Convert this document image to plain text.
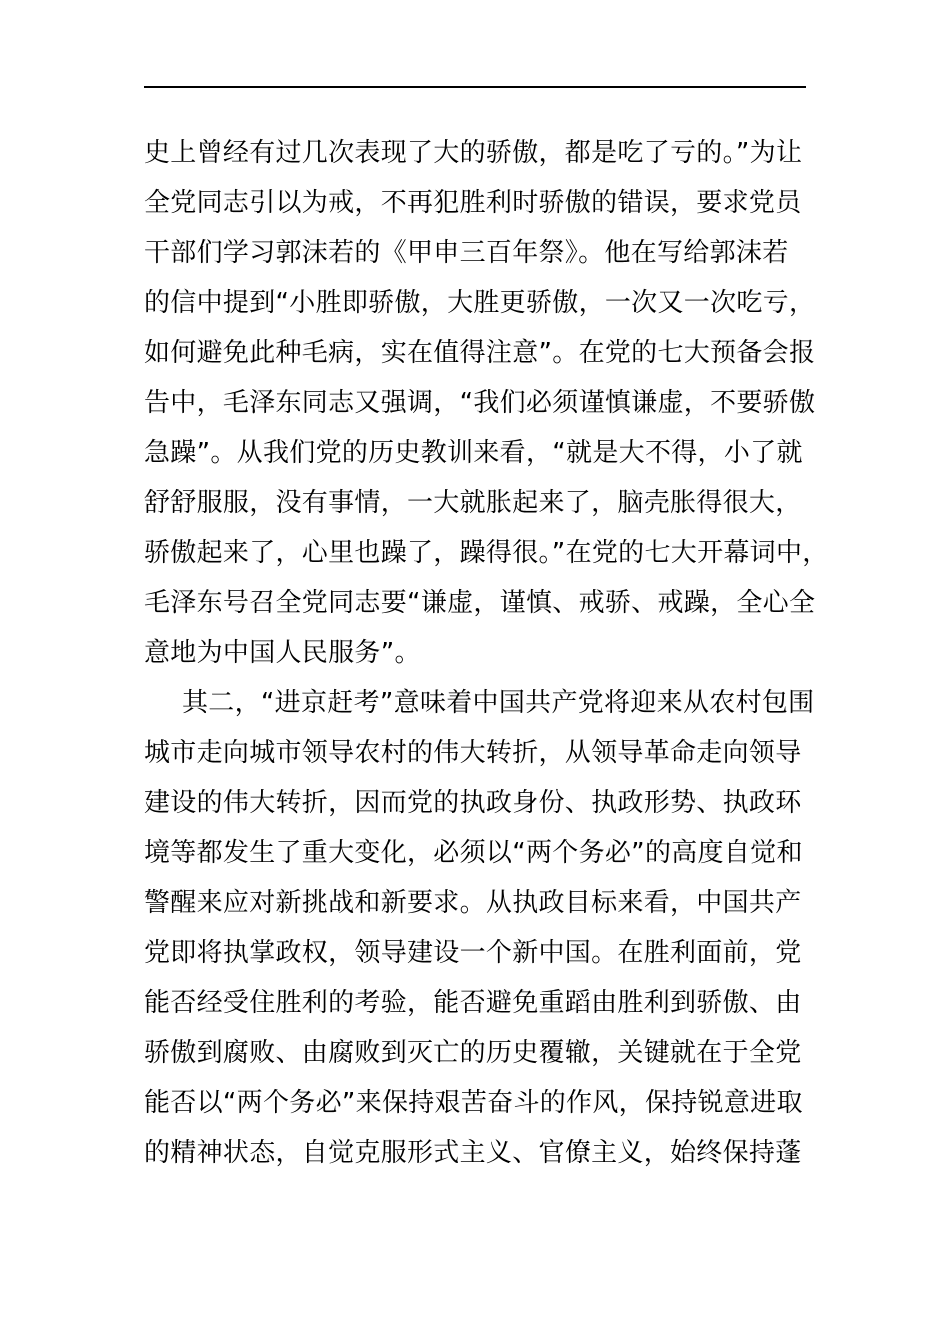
史上曾经有过几次表现了大的骄傲，都是吃了亏的。”为让
全党同志引以为戒，不再犯胜利时骄傲的错误，要求党员
干部们学习郭沫若的《甲申三百年祭》。他在写给郭沫若
的信中提到“小胜即骄傲，大胜更骄傲，一次又一次吃亏，
如何避免此种毛病，实在值得注意”。在党的七大预备会报
告中，毛泽东同志又强调，“我们必须谨慎谦虚，不要骄傲
急躁”。从我们党的历史教训来看，“就是大不得，小了就
舒舒服服，没有事情，一大就胀起来了，脑壳胀得很大，
骄傲起来了，心里也躁了，躁得很。”在党的七大开幕词中，
毛泽东号召全党同志要“谦虚，谨慎、戒骄、戒躁，全心全
意地为中国人民服务”。
其二，“进京赶考”意味着中国共产党将迎来从农村包围
城市走向城市领导农村的伟大转折，从领导革命走向领导
建设的伟大转折，因而党的执政身份、执政形势、执政环
境等都发生了重大变化，必须以“两个务必”的高度自觉和
警醒来应对新挑战和新要求。从执政目标来看，中国共产
党即将执掌政权，领导建设一个新中国。在胜利面前，党
能否经受住胜利的考验，能否避免重蹈由胜利到骄傲、由
骄傲到腐败、由腐败到灭亡的历史覆辙，关键就在于全党
能否以“两个务必”来保持艰苦奋斗的作风，保持锐意进取
的精神状态，自觉克服形式主义、官僚主义，始终保持蓬
